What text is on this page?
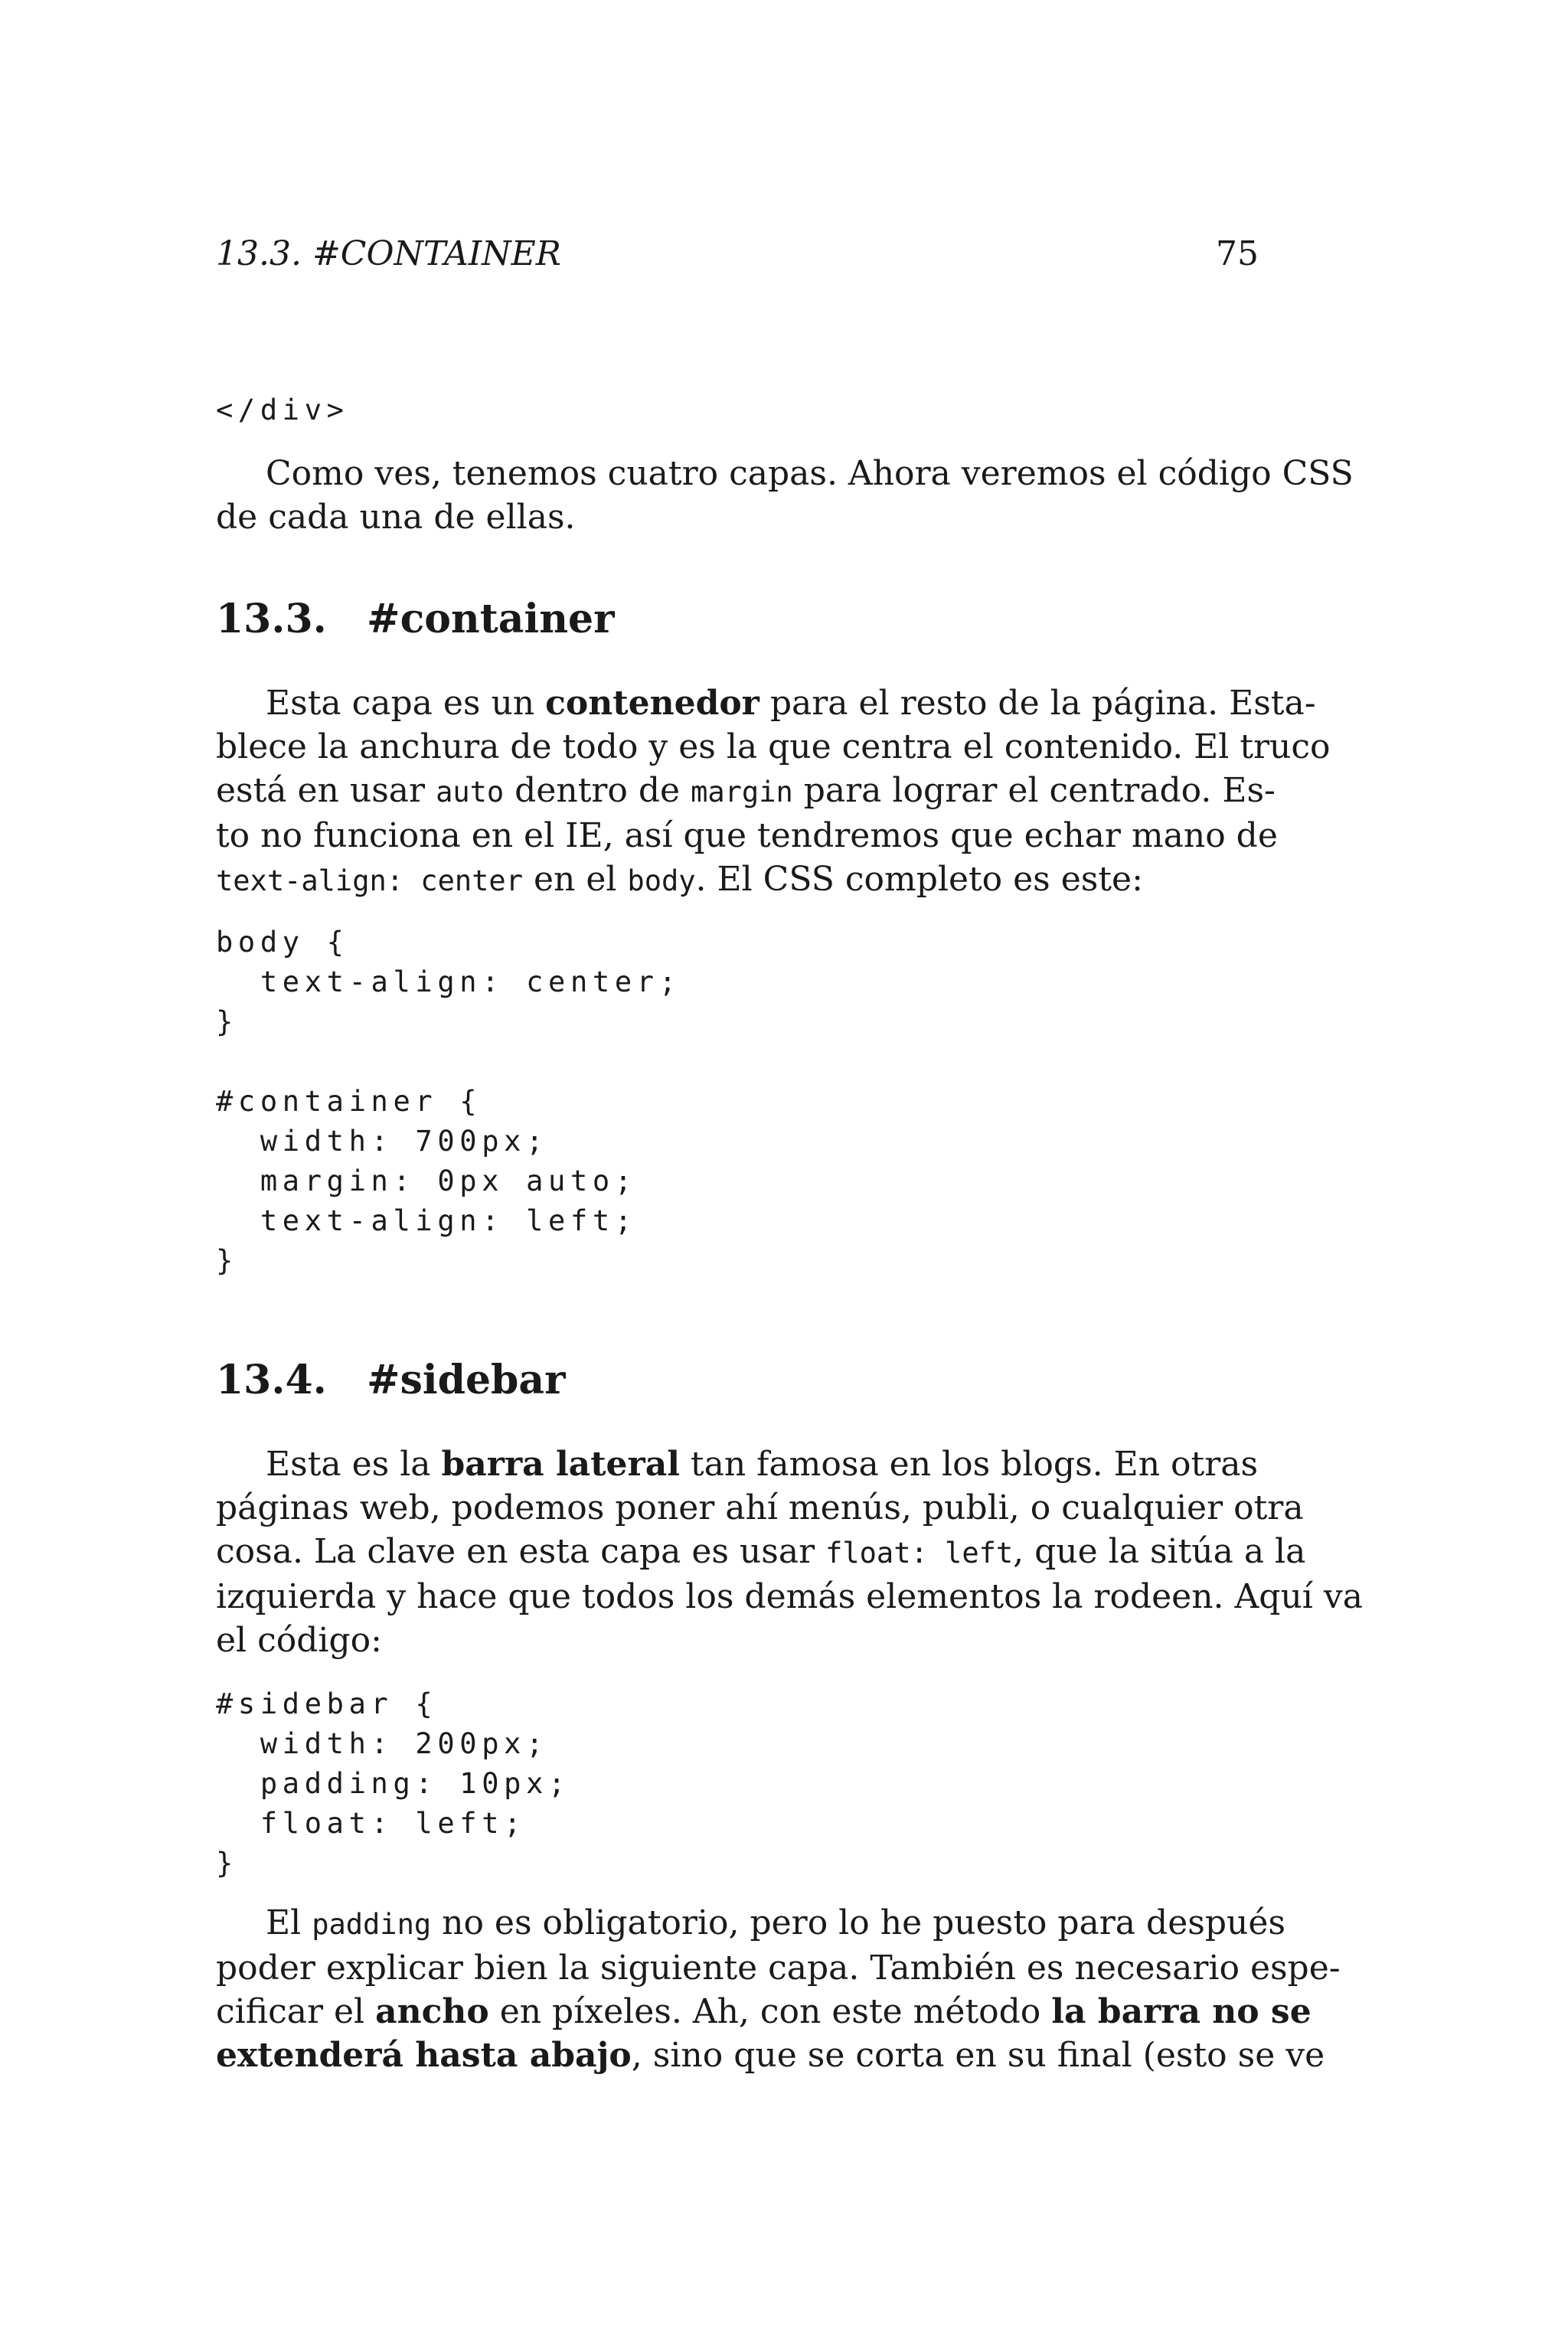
13.3. #CONTAINER	75
</div>
Como ves, tenemos cuatro capas. Ahora veremos el código CSS
de cada una de ellas.
13.3. #container
Esta capa es un contenedor para el resto de la página. Esta-
blece la anchura de todo y es la que centra el contenido. El truco
está en usar auto dentro de margin para lograr el centrado. Es-
to no funciona en el IE, así que tendremos que echar mano de
text-align: center en el body. El CSS completo es este:
body {
text-align: center;
}

#container {
width: 700px;
margin: 0px auto;
text-align: left;
}
13.4. #sidebar
Esta es la barra lateral tan famosa en los blogs. En otras
páginas web, podemos poner ahí menús, publi, o cualquier otra
cosa. La clave en esta capa es usar float: left, que la sitúa a la
izquierda y hace que todos los demás elementos la rodeen. Aquí va
el código:
#sidebar {
width: 200px;
padding: 10px;
float: left;
}
El padding no es obligatorio, pero lo he puesto para después
poder explicar bien la siguiente capa. También es necesario espe-
cificar el ancho en píxeles. Ah, con este método la barra no se
extenderá hasta abajo, sino que se corta en su final (esto se ve
